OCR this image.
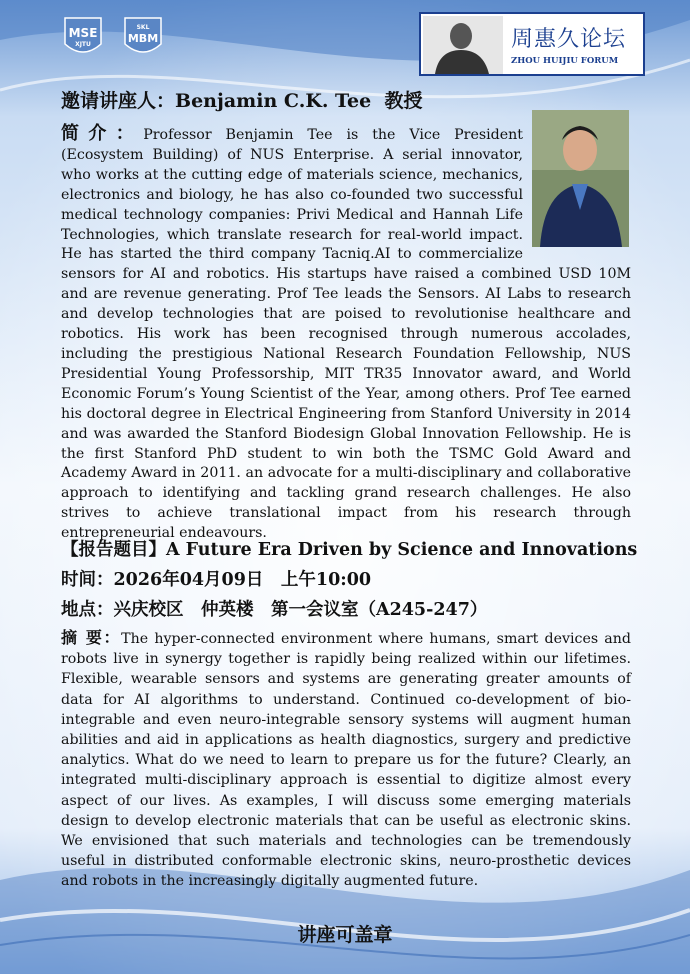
MSE
XJTU
SKL
MBM	周惠久论坛
ZHOU HUIJIU FORUM
邀请讲座人：Benjamin C.K. Tee 教授
简介：Professor Benjamin Tee is the Vice President (Ecosystem Building) of NUS Enterprise. A serial innovator, who works at the cutting edge of materials science, mechanics, electronics and biology, he has also co-founded two successful medical technology companies: Privi Medical and Hannah Life Technologies, which translate research for real-world impact. He has started the third company Tacniq.AI to commercialize sensors for AI and robotics. His startups have raised a combined USD 10M and are revenue generating. Prof Tee leads the Sensors. AI Labs to research and develop technologies that are poised to revolutionise healthcare and robotics. His work has been recognised through numerous accolades, including the prestigious National Research Foundation Fellowship, NUS Presidential Young Professorship, MIT TR35 Innovator award, and World Economic Forum’s Young Scientist of the Year, among others. Prof Tee earned his doctoral degree in Electrical Engineering from Stanford University in 2014 and was awarded the Stanford Biodesign Global Innovation Fellowship. He is the first Stanford PhD student to win both the TSMC Gold Award and Academy Award in 2011. an advocate for a multi-disciplinary and collaborative approach to identifying and tackling grand research challenges. He also strives to achieve translational impact from his research through entrepreneurial endeavours.
【报告题目】A Future Era Driven by Science and Innovations
时间：2026年04月09日　上午10:00
地点：兴庆校区　仲英楼　第一会议室（A245-247）
摘 要：The hyper-connected environment where humans, smart devices and robots live in synergy together is rapidly being realized within our lifetimes. Flexible, wearable sensors and systems are generating greater amounts of data for AI algorithms to understand. Continued co-development of bio-integrable and even neuro-integrable sensory systems will augment human abilities and aid in applications as health diagnostics, surgery and predictive analytics. What do we need to learn to prepare us for the future? Clearly, an integrated multi-disciplinary approach is essential to digitize almost every aspect of our lives. As examples, I will discuss some emerging materials design to develop electronic materials that can be useful as electronic skins. We envisioned that such materials and technologies can be tremendously useful in distributed conformable electronic skins, neuro-prosthetic devices and robots in the increasingly digitally augmented future.
讲座可盖章
